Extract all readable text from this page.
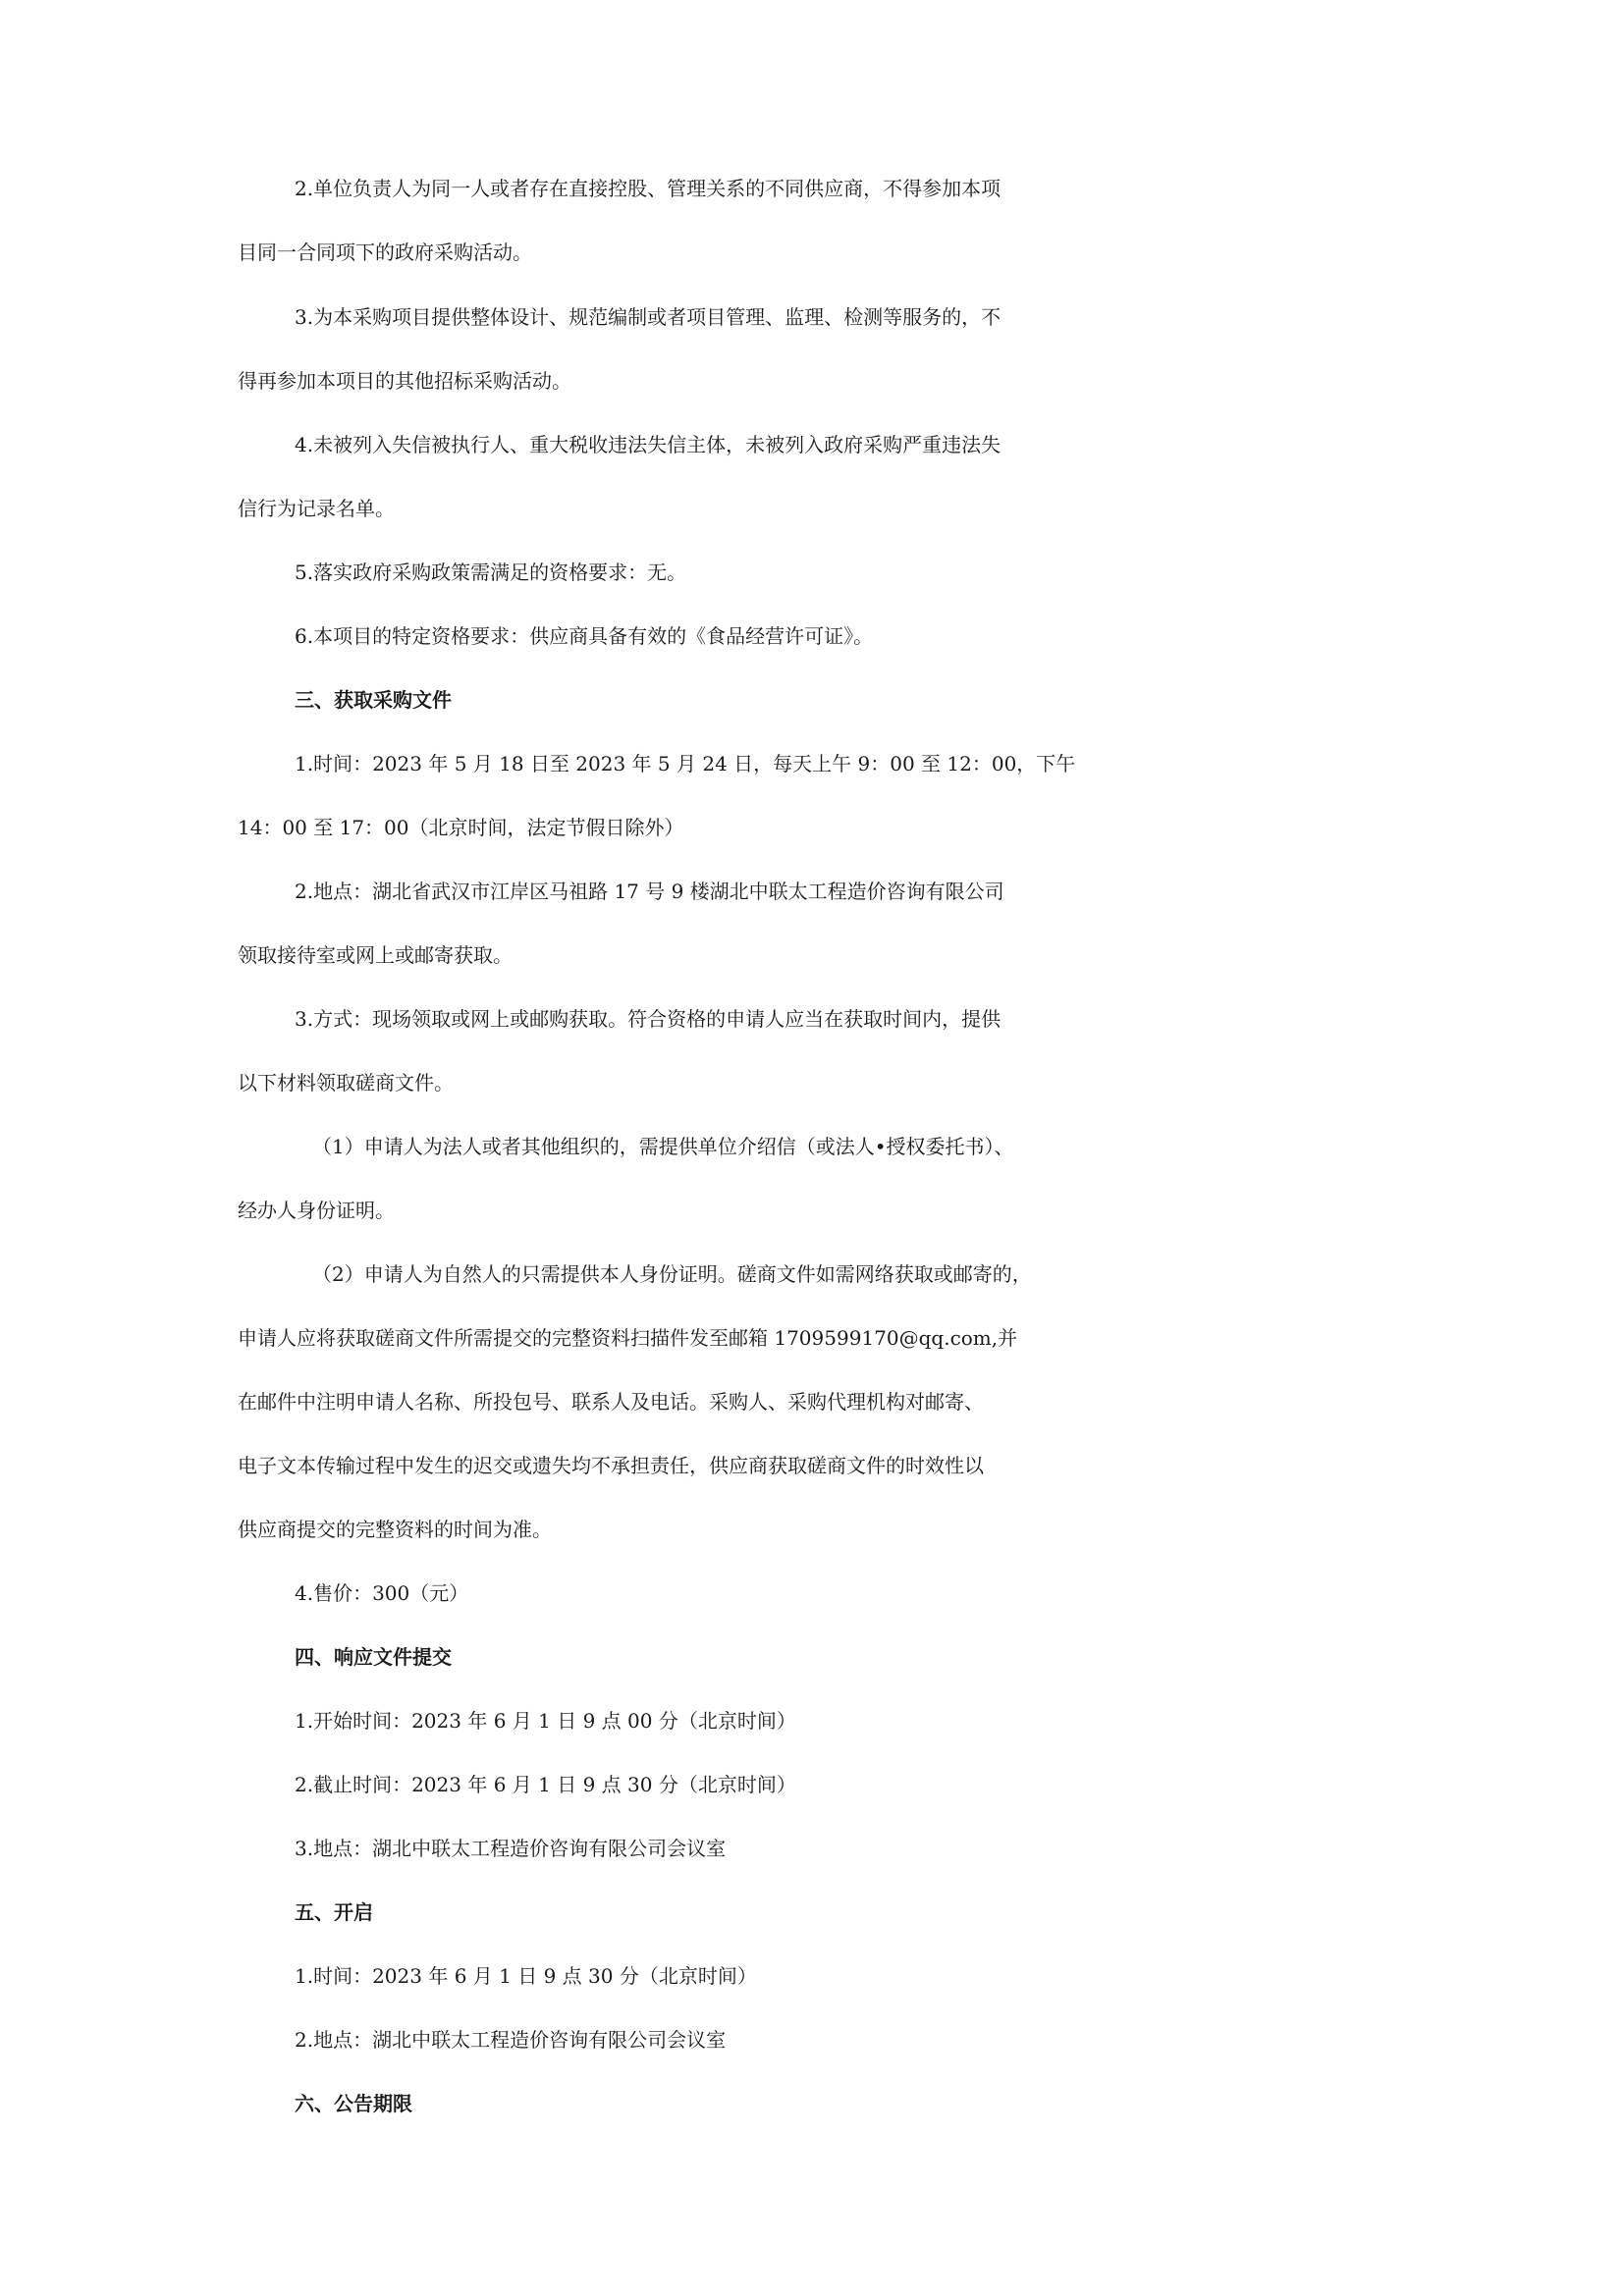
2.单位负责人为同一人或者存在直接控股、管理关系的不同供应商，不得参加本项

目同一合同项下的政府采购活动。

3.为本采购项目提供整体设计、规范编制或者项目管理、监理、检测等服务的，不

得再参加本项目的其他招标采购活动。

4.未被列入失信被执行人、重大税收违法失信主体，未被列入政府采购严重违法失

信行为记录名单。

5.落实政府采购政策需满足的资格要求：无。

6.本项目的特定资格要求：供应商具备有效的《食品经营许可证》。

三、获取采购文件

1.时间：2023 年 5 月 18 日至 2023 年 5 月 24 日，每天上午 9：00 至 12：00，下午

14：00 至 17：00（北京时间，法定节假日除外）

2.地点：湖北省武汉市江岸区马祖路 17 号 9 楼湖北中联太工程造价咨询有限公司

领取接待室或网上或邮寄获取。

3.方式：现场领取或网上或邮购获取。符合资格的申请人应当在获取时间内，提供

以下材料领取磋商文件。

（1）申请人为法人或者其他组织的，需提供单位介绍信（或法人•授权委托书）、

经办人身份证明。

（2）申请人为自然人的只需提供本人身份证明。磋商文件如需网络获取或邮寄的，

申请人应将获取磋商文件所需提交的完整资料扫描件发至邮箱 1709599170@qq.com,并

在邮件中注明申请人名称、所投包号、联系人及电话。采购人、采购代理机构对邮寄、

电子文本传输过程中发生的迟交或遗失均不承担责任，供应商获取磋商文件的时效性以

供应商提交的完整资料的时间为准。

4.售价：300（元）

四、响应文件提交

1.开始时间：2023 年 6 月 1 日 9 点 00 分（北京时间）

2.截止时间：2023 年 6 月 1 日 9 点 30 分（北京时间）

3.地点：湖北中联太工程造价咨询有限公司会议室

五、开启

1.时间：2023 年 6 月 1 日 9 点 30 分（北京时间）

2.地点：湖北中联太工程造价咨询有限公司会议室

六、公告期限
